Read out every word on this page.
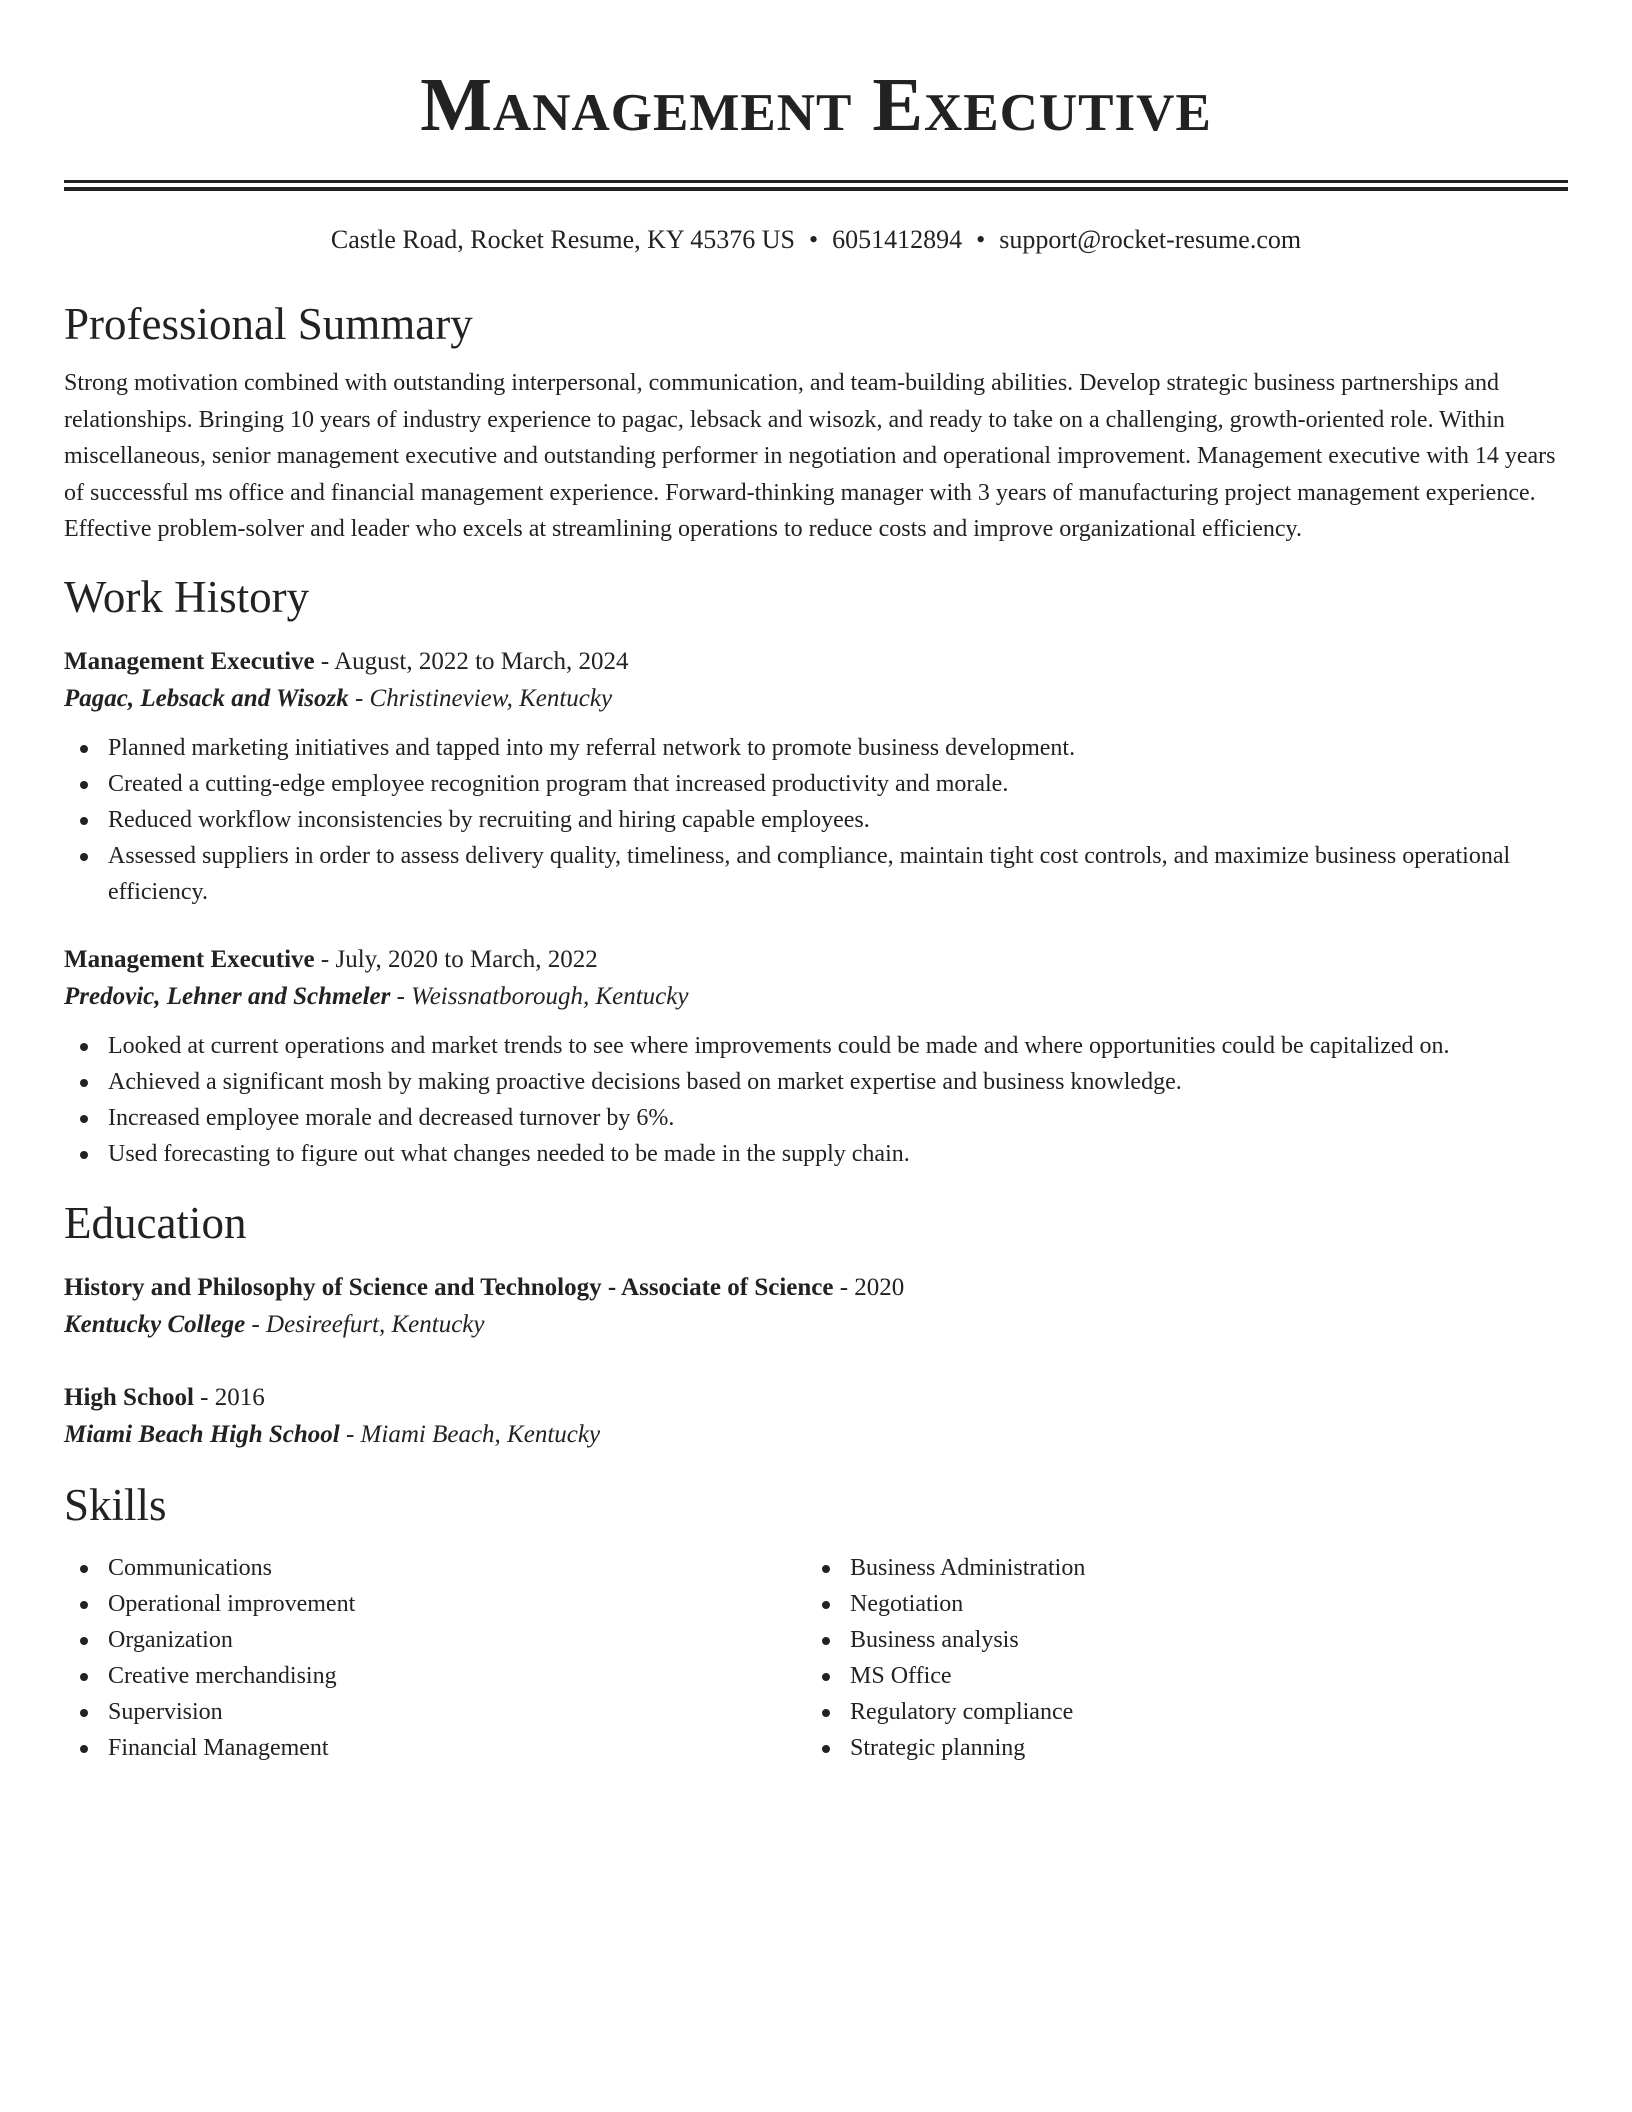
Management Executive
Castle Road, Rocket Resume, KY 45376 US • 6051412894 • support@rocket-resume.com
Professional Summary
Strong motivation combined with outstanding interpersonal, communication, and team-building abilities. Develop strategic business partnerships and relationships. Bringing 10 years of industry experience to pagac, lebsack and wisozk, and ready to take on a challenging, growth-oriented role. Within miscellaneous, senior management executive and outstanding performer in negotiation and operational improvement. Management executive with 14 years of successful ms office and financial management experience. Forward-thinking manager with 3 years of manufacturing project management experience. Effective problem-solver and leader who excels at streamlining operations to reduce costs and improve organizational efficiency.
Work History
Management Executive - August, 2022 to March, 2024
Pagac, Lebsack and Wisozk - Christineview, Kentucky
Planned marketing initiatives and tapped into my referral network to promote business development.
Created a cutting-edge employee recognition program that increased productivity and morale.
Reduced workflow inconsistencies by recruiting and hiring capable employees.
Assessed suppliers in order to assess delivery quality, timeliness, and compliance, maintain tight cost controls, and maximize business operational efficiency.
Management Executive - July, 2020 to March, 2022
Predovic, Lehner and Schmeler - Weissnatborough, Kentucky
Looked at current operations and market trends to see where improvements could be made and where opportunities could be capitalized on.
Achieved a significant mosh by making proactive decisions based on market expertise and business knowledge.
Increased employee morale and decreased turnover by 6%.
Used forecasting to figure out what changes needed to be made in the supply chain.
Education
History and Philosophy of Science and Technology - Associate of Science - 2020
Kentucky College - Desireefurt, Kentucky
High School - 2016
Miami Beach High School - Miami Beach, Kentucky
Skills
Communications
Operational improvement
Organization
Creative merchandising
Supervision
Financial Management
Business Administration
Negotiation
Business analysis
MS Office
Regulatory compliance
Strategic planning
